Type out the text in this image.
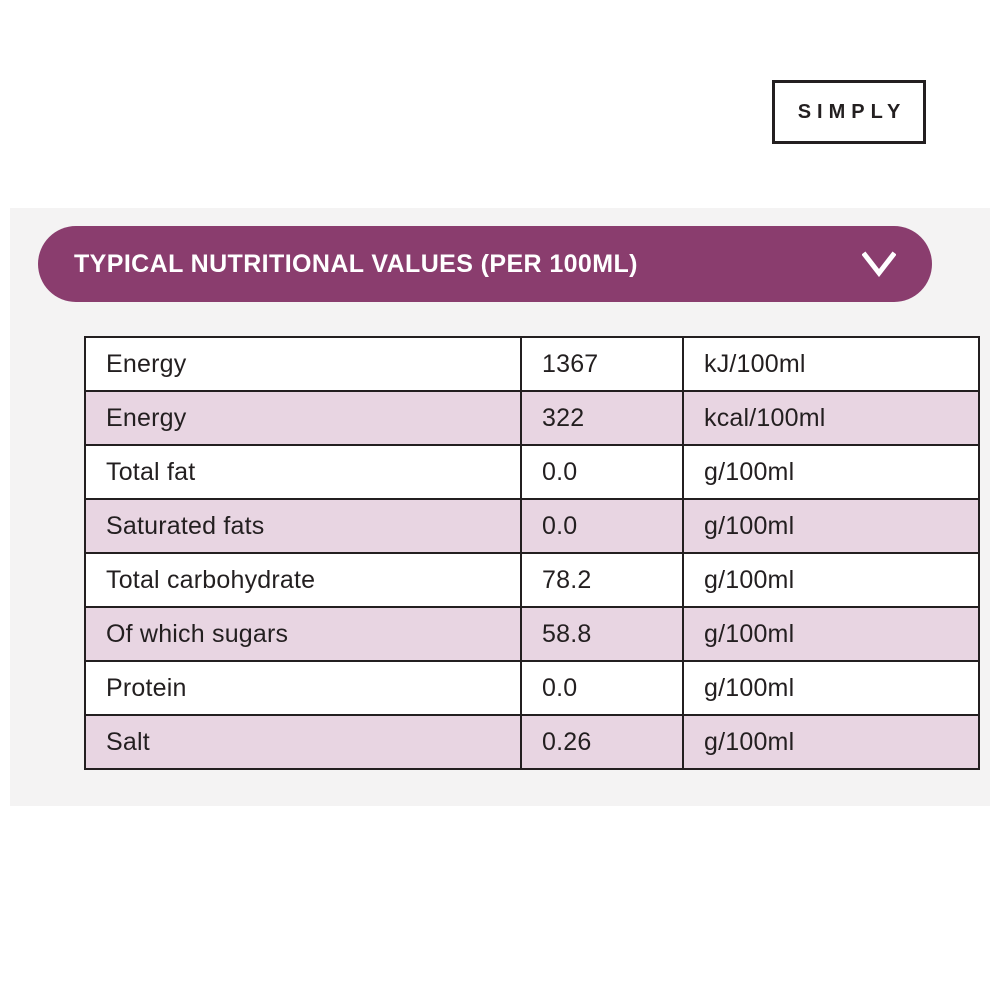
SIMPLY
TYPICAL NUTRITIONAL VALUES (PER 100ML)
Energy	1367	kJ/100ml
Energy	322	kcal/100ml
Total fat	0.0	g/100ml
Saturated fats	0.0	g/100ml
Total carbohydrate	78.2	g/100ml
Of which sugars	58.8	g/100ml
Protein	0.0	g/100ml
Salt	0.26	g/100ml
